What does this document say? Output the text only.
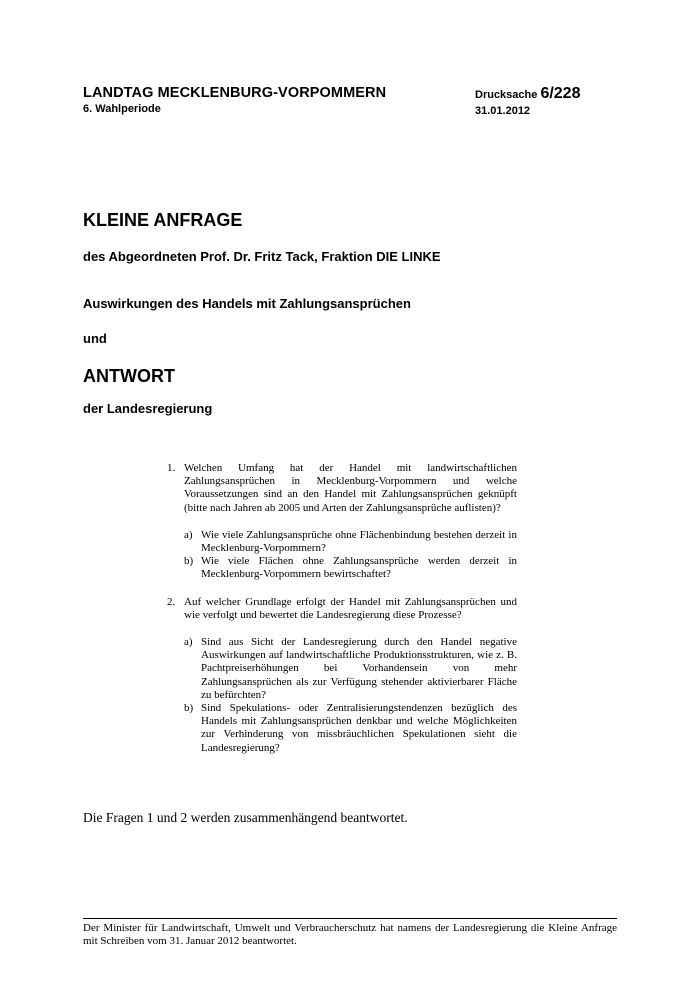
LANDTAG MECKLENBURG-VORPOMMERN
6. Wahlperiode
Drucksache 6/228
31.01.2012
KLEINE ANFRAGE
des Abgeordneten Prof. Dr. Fritz Tack, Fraktion DIE LINKE
Auswirkungen des Handels mit Zahlungsansprüchen
und
ANTWORT
der Landesregierung
1. Welchen Umfang hat der Handel mit landwirtschaftlichen Zahlungsansprüchen in Mecklenburg-Vorpommern und welche Voraussetzungen sind an den Handel mit Zahlungsansprüchen geknüpft (bitte nach Jahren ab 2005 und Arten der Zahlungsansprüche auflisten)?
a) Wie viele Zahlungsansprüche ohne Flächenbindung bestehen derzeit in Mecklenburg-Vorpommern?
b) Wie viele Flächen ohne Zahlungsansprüche werden derzeit in Mecklenburg-Vorpommern bewirtschaftet?
2. Auf welcher Grundlage erfolgt der Handel mit Zahlungsansprüchen und wie verfolgt und bewertet die Landesregierung diese Prozesse?
a) Sind aus Sicht der Landesregierung durch den Handel negative Auswirkungen auf landwirtschaftliche Produktionsstrukturen, wie z. B. Pachtpreiserhöhungen bei Vorhandensein von mehr Zahlungsansprüchen als zur Verfügung stehender aktivierbarer Fläche zu befürchten?
b) Sind Spekulations- oder Zentralisierungstendenzen bezüglich des Handels mit Zahlungsansprüchen denkbar und welche Möglichkeiten zur Verhinderung von missbräuchlichen Spekulationen sieht die Landesregierung?
Die Fragen 1 und 2 werden zusammenhängend beantwortet.
Der Minister für Landwirtschaft, Umwelt und Verbraucherschutz hat namens der Landesregierung die Kleine Anfrage mit Schreiben vom 31. Januar 2012 beantwortet.
